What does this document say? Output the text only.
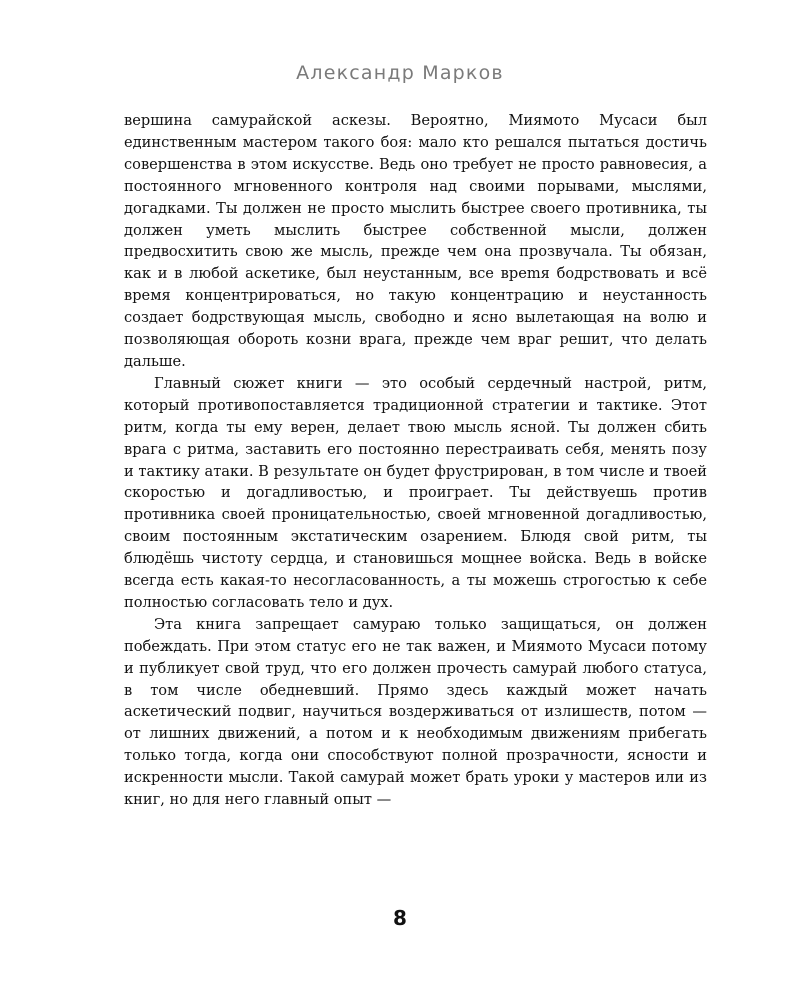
Александр Марков

вершина самурайской аскезы. Вероятно, Миямото Мусаси был единственным мастером такого боя: мало кто решался пытаться достичь совершенства в этом искусстве. Ведь оно требует не просто равновесия, а постоянного мгновенного контроля над своими порывами, мыслями, догадками. Ты должен не просто мыслить быстрее своего противника, ты должен уметь мыслить быстрее собственной мысли, должен предвосхитить свою же мысль, прежде чем она прозвучала. Ты обязан, как и в любой аскетике, был неустанным, все вреmя бодрствовать и всё время концентрироваться, но такую концентрацию и неустанность создает бодрствующая мысль, свободно и ясно вылетающая на волю и позволяющая обороть козни врага, прежде чем враг решит, что делать дальше.

Главный сюжет книги — это особый сердечный настрой, ритм, который противопоставляется традиционной стратегии и тактике. Этот ритм, когда ты ему верен, делает твою мысль ясной. Ты должен сбить врага с ритма, заставить его постоянно перестраивать себя, менять позу и тактику атаки. В результате он будет фрустрирован, в том числе и твоей скоростью и догадливостью, и проиграет. Ты действуешь против противника своей проницательностью, своей мгновенной догадливостью, своим постоянным экстатическим озарением. Блюдя свой ритм, ты блюдёшь чистоту сердца, и становишься мощнее войска. Ведь в войске всегда есть какая-то несогласованность, а ты можешь строгостью к себе полностью согласовать тело и дух.

Эта книга запрещает самураю только защищаться, он должен побеждать. При этом статус его не так важен, и Миямото Мусаси потому и публикует свой труд, что его должен прочесть самурай любого статуса, в том числе обедневший. Прямо здесь каждый может начать аскетический подвиг, научиться воздерживаться от излишеств, потом — от лишних движений, а потом и к необходимым движениям прибегать только тогда, когда они способствуют полной прозрачности, ясности и искренности мысли. Такой самурай может брать уроки у мастеров или из книг, но для него главный опыт —

8
